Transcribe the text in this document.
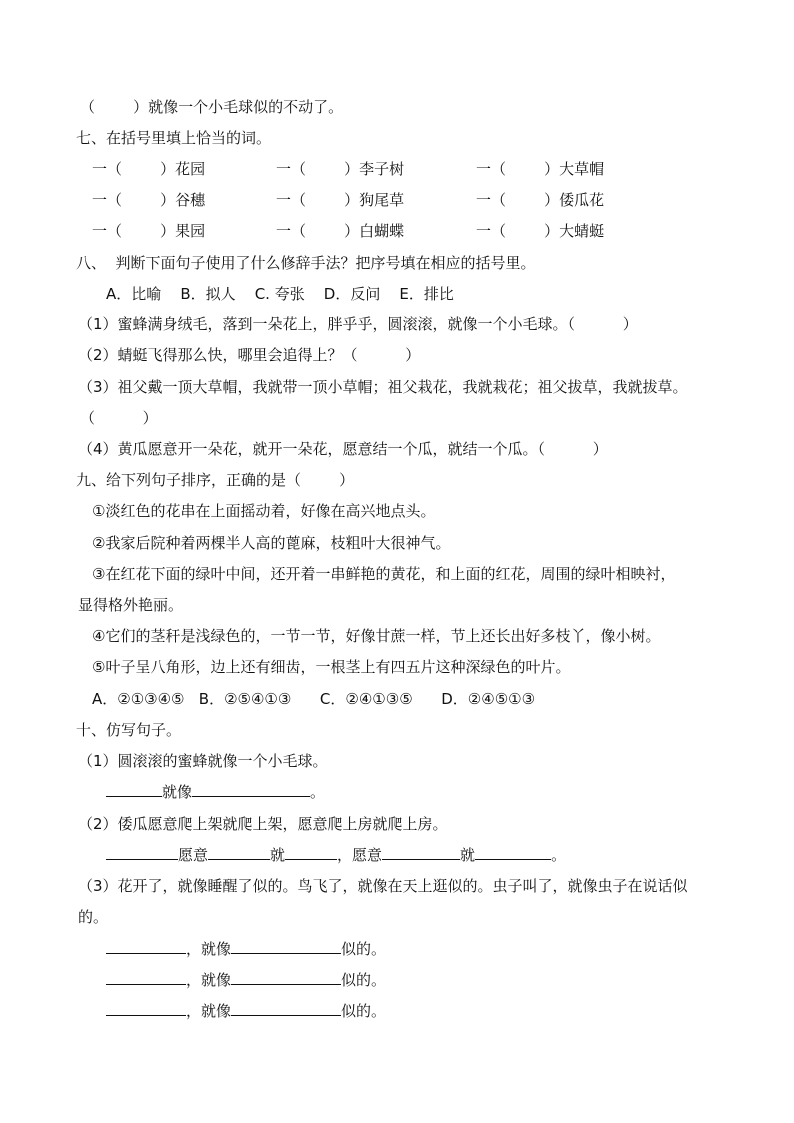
（        ）就像一个小毛球似的不动了。
七、在括号里填上恰当的词。
一（        ）花园	一（        ）李子树	一（        ）大草帽
一（        ）谷穗	一（        ）狗尾草	一（        ）倭瓜花
一（        ）果园	一（        ）白蝴蝶	一（        ）大蜻蜓
八、  判断下面句子使用了什么修辞手法？把序号填在相应的括号里。
A．比喻    B．拟人    C. 夸张    D．反问    E．排比
（1）蜜蜂满身绒毛，落到一朵花上，胖乎乎，圆滚滚，就像一个小毛球。（          ）
（2）蜻蜓飞得那么快，哪里会追得上？（          ）
（3）祖父戴一顶大草帽，我就带一顶小草帽；祖父栽花，我就栽花；祖父拔草，我就拔草。
（          ）
（4）黄瓜愿意开一朵花，就开一朵花，愿意结一个瓜，就结一个瓜。（          ）
九、给下列句子排序，正确的是（        ）
①淡红色的花串在上面摇动着，好像在高兴地点头。
②我家后院种着两棵半人高的蓖麻，枝粗叶大很神气。
③在红花下面的绿叶中间，还开着一串鲜艳的黄花，和上面的红花，周围的绿叶相映衬，
显得格外艳丽。
④它们的茎秆是浅绿色的，一节一节，好像甘蔗一样，节上还长出好多枝丫，像小树。
⑤叶子呈八角形，边上还有细齿，一根茎上有四五片这种深绿色的叶片。
A．②①③④⑤   B．②⑤④①③      C．②④①③⑤      D．②④⑤①③
十、仿写句子。
（1）圆滚滚的蜜蜂就像一个小毛球。
就像	。
（2）倭瓜愿意爬上架就爬上架，愿意爬上房就爬上房。
愿意	就	，愿意	就	。
（3）花开了，就像睡醒了似的。鸟飞了，就像在天上逛似的。虫子叫了，就像虫子在说话似
的。
，就像	似的。
，就像	似的。
，就像	似的。
